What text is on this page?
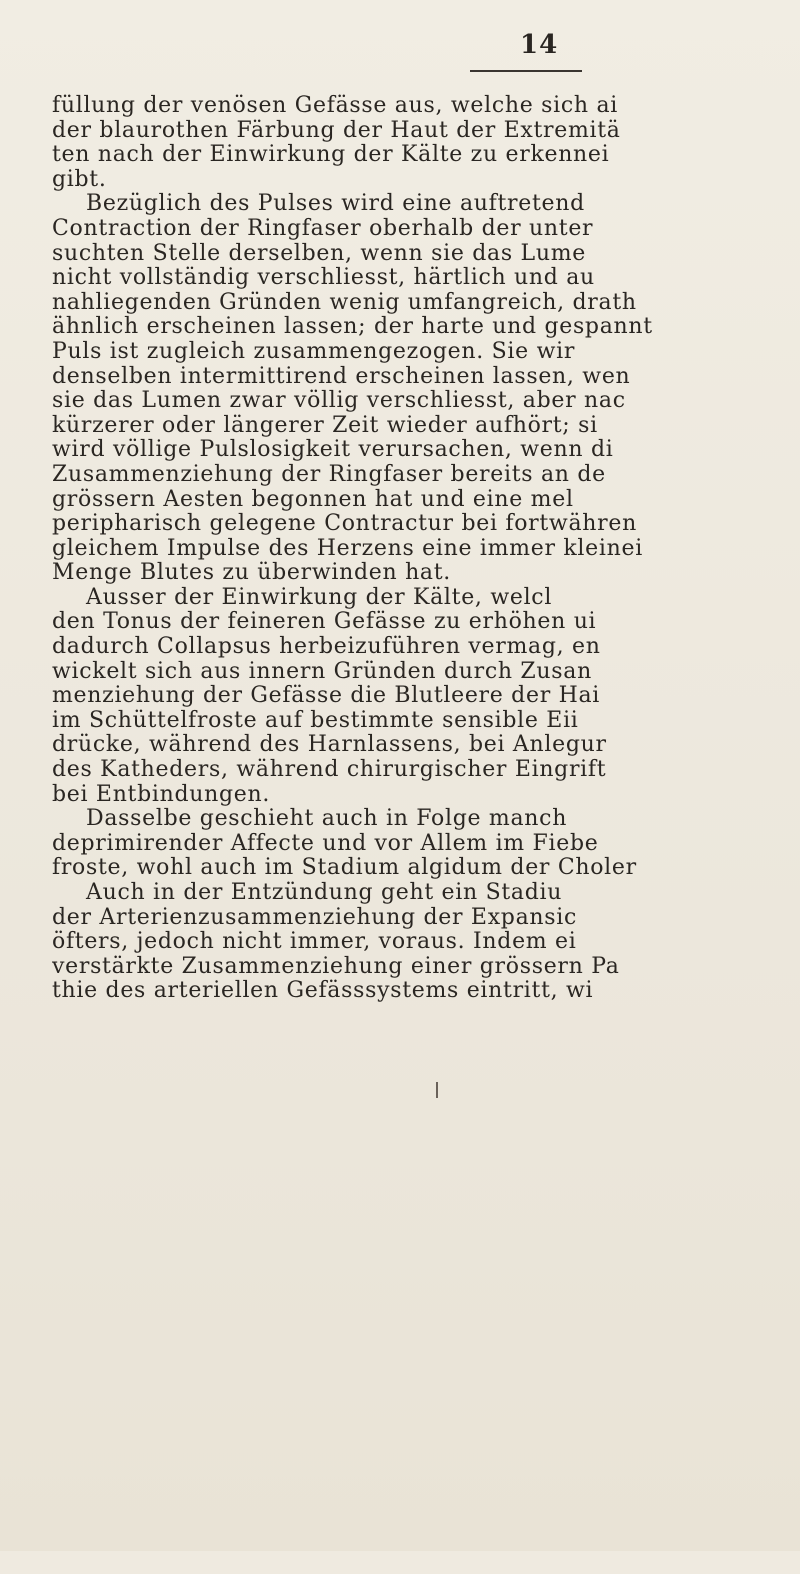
14
füllung der venösen Gefässe aus, welche sich ai
der blaurothen Färbung der Haut der Extremitä
ten nach der Einwirkung der Kälte zu erkennei
gibt.
Bezüglich des Pulses wird eine auftretend
Contraction der Ringfaser oberhalb der unter
suchten Stelle derselben, wenn sie das Lume
nicht vollständig verschliesst, härtlich und au
nahliegenden Gründen wenig umfangreich, drath
ähnlich erscheinen lassen; der harte und gespannt
Puls ist zugleich zusammengezogen. Sie wir
denselben intermittirend erscheinen lassen, wen
sie das Lumen zwar völlig verschliesst, aber nac
kürzerer oder längerer Zeit wieder aufhört; si
wird völlige Pulslosigkeit verursachen, wenn di
Zusammenziehung der Ringfaser bereits an de
grössern Aesten begonnen hat und eine mel
peripharisch gelegene Contractur bei fortwähren
gleichem Impulse des Herzens eine immer kleinei
Menge Blutes zu überwinden hat.
Ausser der Einwirkung der Kälte, welcl
den Tonus der feineren Gefässe zu erhöhen ui
dadurch Collapsus herbeizuführen vermag, en
wickelt sich aus innern Gründen durch Zusan
menziehung der Gefässe die Blutleere der Hai
im Schüttelfroste auf bestimmte sensible Eii
drücke, während des Harnlassens, bei Anlegur
des Katheders, während chirurgischer Eingrift
bei Entbindungen.
Dasselbe geschieht auch in Folge manch
deprimirender Affecte und vor Allem im Fiebe
froste, wohl auch im Stadium algidum der Choler
Auch in der Entzündung geht ein Stadiu
der Arterienzusammenziehung der Expansic
öfters, jedoch nicht immer, voraus. Indem ei
verstärkte Zusammenziehung einer grössern Pa
thie des arteriellen Gefässsystems eintritt, wi
